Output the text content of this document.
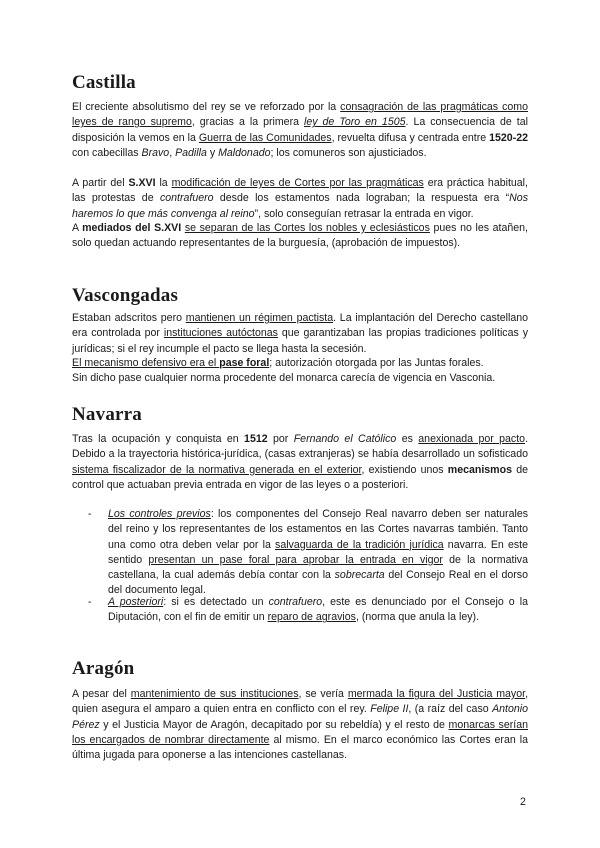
Castilla

El creciente absolutismo del rey se ve reforzado por la consagración de las pragmáticas como leyes de rango supremo, gracias a la primera ley de Toro en 1505. La consecuencia de tal disposición la vemos en la Guerra de las Comunidades, revuelta difusa y centrada entre 1520-22 con cabecillas Bravo, Padilla y Maldonado; los comuneros son ajusticiados.

A partir del S.XVI la modificación de leyes de Cortes por las pragmáticas era práctica habitual, las protestas de contrafuero desde los estamentos nada lograban; la respuesta era “Nos haremos lo que más convenga al reino”, solo conseguían retrasar la entrada en vigor.

A mediados del S.XVI se separan de las Cortes los nobles y eclesiásticos pues no les atañen, solo quedan actuando representantes de la burguesía, (aprobación de impuestos).

Vascongadas

Estaban adscritos pero mantienen un régimen pactista. La implantación del Derecho castellano era controlada por instituciones autóctonas que garantizaban las propias tradiciones políticas y jurídicas; si el rey incumple el pacto se llega hasta la secesión.

El mecanismo defensivo era el pase foral; autorización otorgada por las Juntas forales.

Sin dicho pase cualquier norma procedente del monarca carecía de vigencia en Vasconia.

Navarra

Tras la ocupación y conquista en 1512 por Fernando el Católico es anexionada por pacto. Debido a la trayectoria histórica-jurídica, (casas extranjeras) se había desarrollado un sofisticado sistema fiscalizador de la normativa generada en el exterior, existiendo unos mecanismos de control que actuaban previa entrada en vigor de las leyes o a posteriori.

- Los controles previos: los componentes del Consejo Real navarro deben ser naturales del reino y los representantes de los estamentos en las Cortes navarras también. Tanto una como otra deben velar por la salvaguarda de la tradición jurídica navarra. En este sentido presentan un pase foral para aprobar la entrada en vigor de la normativa castellana, la cual además debía contar con la sobrecarta del Consejo Real en el dorso del documento legal.
- A posteriori: si es detectado un contrafuero, este es denunciado por el Consejo o la Diputación, con el fin de emitir un reparo de agravios, (norma que anula la ley).
Aragón

A pesar del mantenimiento de sus instituciones, se vería mermada la figura del Justicia mayor, quien asegura el amparo a quien entra en conflicto con el rey. Felipe II, (a raíz del caso Antonio Pérez y el Justicia Mayor de Aragón, decapitado por su rebeldía) y el resto de monarcas serían los encargados de nombrar directamente al mismo. En el marco económico las Cortes eran la última jugada para oponerse a las intenciones castellanas.

2
